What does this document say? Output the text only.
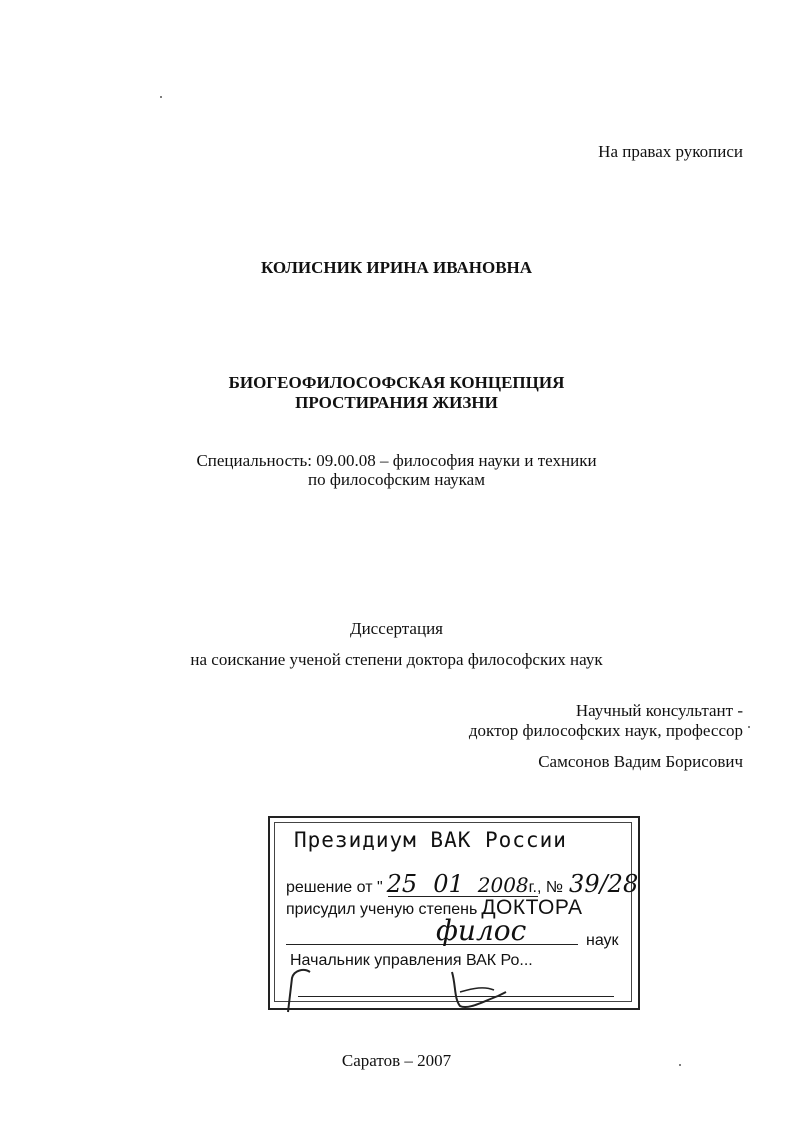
На правах рукописи
КОЛИСНИК ИРИНА ИВАНОВНА
БИОГЕОФИЛОСОФСКАЯ КОНЦЕПЦИЯ
ПРОСТИРАНИЯ ЖИЗНИ
Специальность: 09.00.08 – философия науки и техники
по философским наукам
Диссертация
на соискание ученой степени доктора философских наук
Научный консультант -
доктор философских наук, профессор
Самсонов Вадим Борисович
Президиум ВАК России
решение от " 25 01 2008г., № 39/28
присудил ученую степень ДОКТОРА
филос	наук
Начальник управления ВАК Ро...
Саратов – 2007
